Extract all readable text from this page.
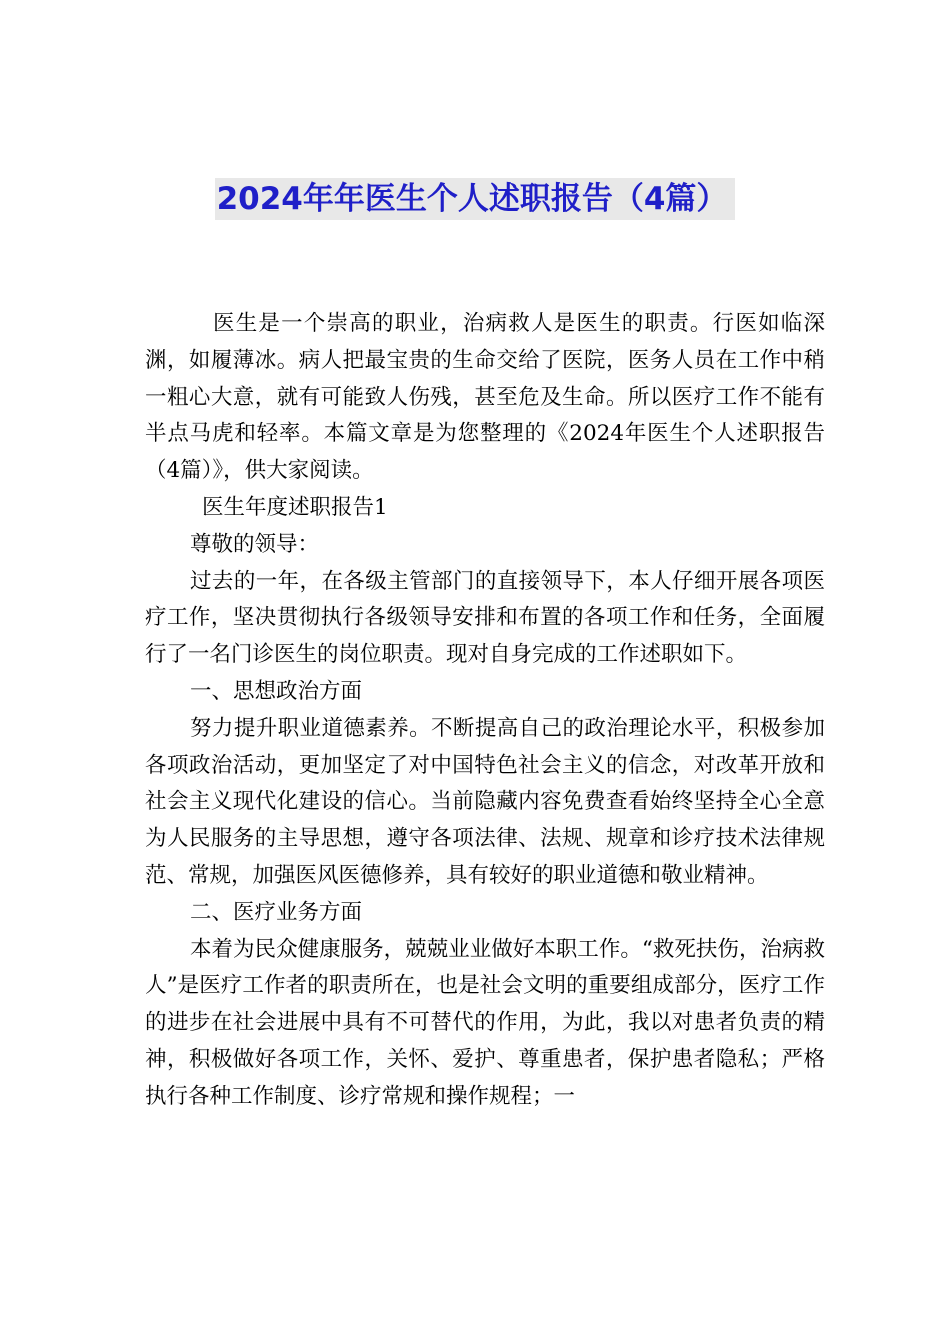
2024年年医生个人述职报告（4篇）

医生是一个崇高的职业，治病救人是医生的职责。行医如临深渊，如履薄冰。病人把最宝贵的生命交给了医院，医务人员在工作中稍一粗心大意，就有可能致人伤残，甚至危及生命。所以医疗工作不能有半点马虎和轻率。本篇文章是为您整理的《2024年医生个人述职报告（4篇）》，供大家阅读。

医生年度述职报告1

尊敬的领导：

过去的一年，在各级主管部门的直接领导下，本人仔细开展各项医疗工作，坚决贯彻执行各级领导安排和布置的各项工作和任务，全面履行了一名门诊医生的岗位职责。现对自身完成的工作述职如下。

一、思想政治方面

努力提升职业道德素养。不断提高自己的政治理论水平，积极参加各项政治活动，更加坚定了对中国特色社会主义的信念，对改革开放和社会主义现代化建设的信心。当前隐藏内容免费查看始终坚持全心全意为人民服务的主导思想，遵守各项法律、法规、规章和诊疗技术法律规范、常规，加强医风医德修养，具有较好的职业道德和敬业精神。

二、医疗业务方面

本着为民众健康服务，兢兢业业做好本职工作。“救死扶伤，治病救人”是医疗工作者的职责所在，也是社会文明的重要组成部分，医疗工作的进步在社会进展中具有不可替代的作用，为此，我以对患者负责的精神，积极做好各项工作，关怀、爱护、尊重患者，保护患者隐私；严格执行各种工作制度、诊疗常规和操作规程；一
